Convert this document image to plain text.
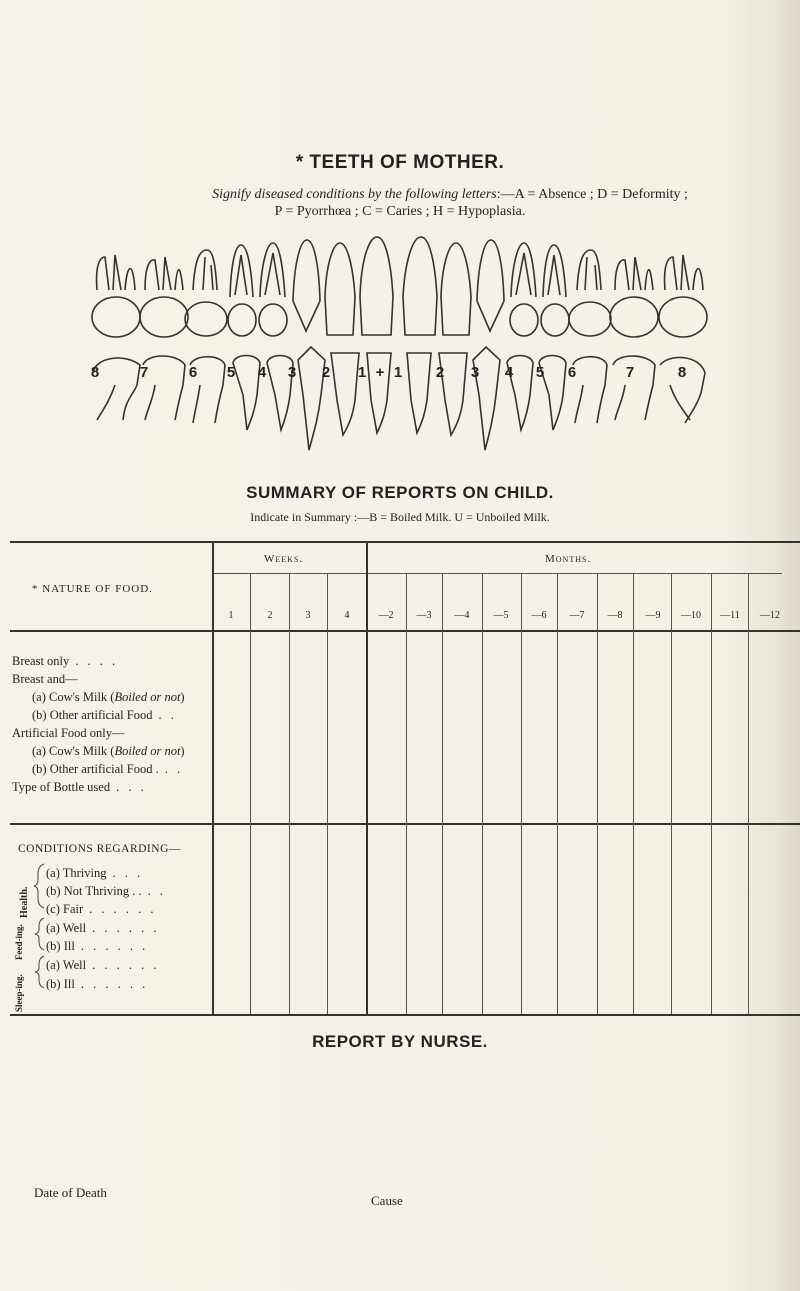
* TEETH OF MOTHER.
Signify diseased conditions by the following letters:—A = Absence ; D = Deformity ;
P = Pyorrhœa ; C = Caries ; H = Hypoplasia.
8	7	6	5	4	3	2	1 + 1	2	3	4	5	6	7	8
SUMMARY OF REPORTS ON CHILD.
Indicate in Summary :—B = Boiled Milk. U = Unboiled Milk.
* NATURE OF FOOD.
Weeks.	Months.
1	2	3	4	—2	—3	—4	—5	—6	—7	—8	—9	—10	—11	—12
Breast only . . . .
Breast and—
(a) Cow's Milk (Boiled or not)
(b) Other artificial Food . .
Artificial Food only—
(a) Cow's Milk (Boiled or not)
(b) Other artificial Food . . .
Type of Bottle used . . .
CONDITIONS REGARDING—
Health.
Feed-ing.
Sleep-ing.
(a) Thriving . . .
(b) Not Thriving . . . .
(c) Fair . . . . . .
(a) Well . . . . . .
(b) Ill . . . . . .
(a) Well . . . . . .
(b) Ill . . . . . .
REPORT BY NURSE.
Date of Death
Cause
